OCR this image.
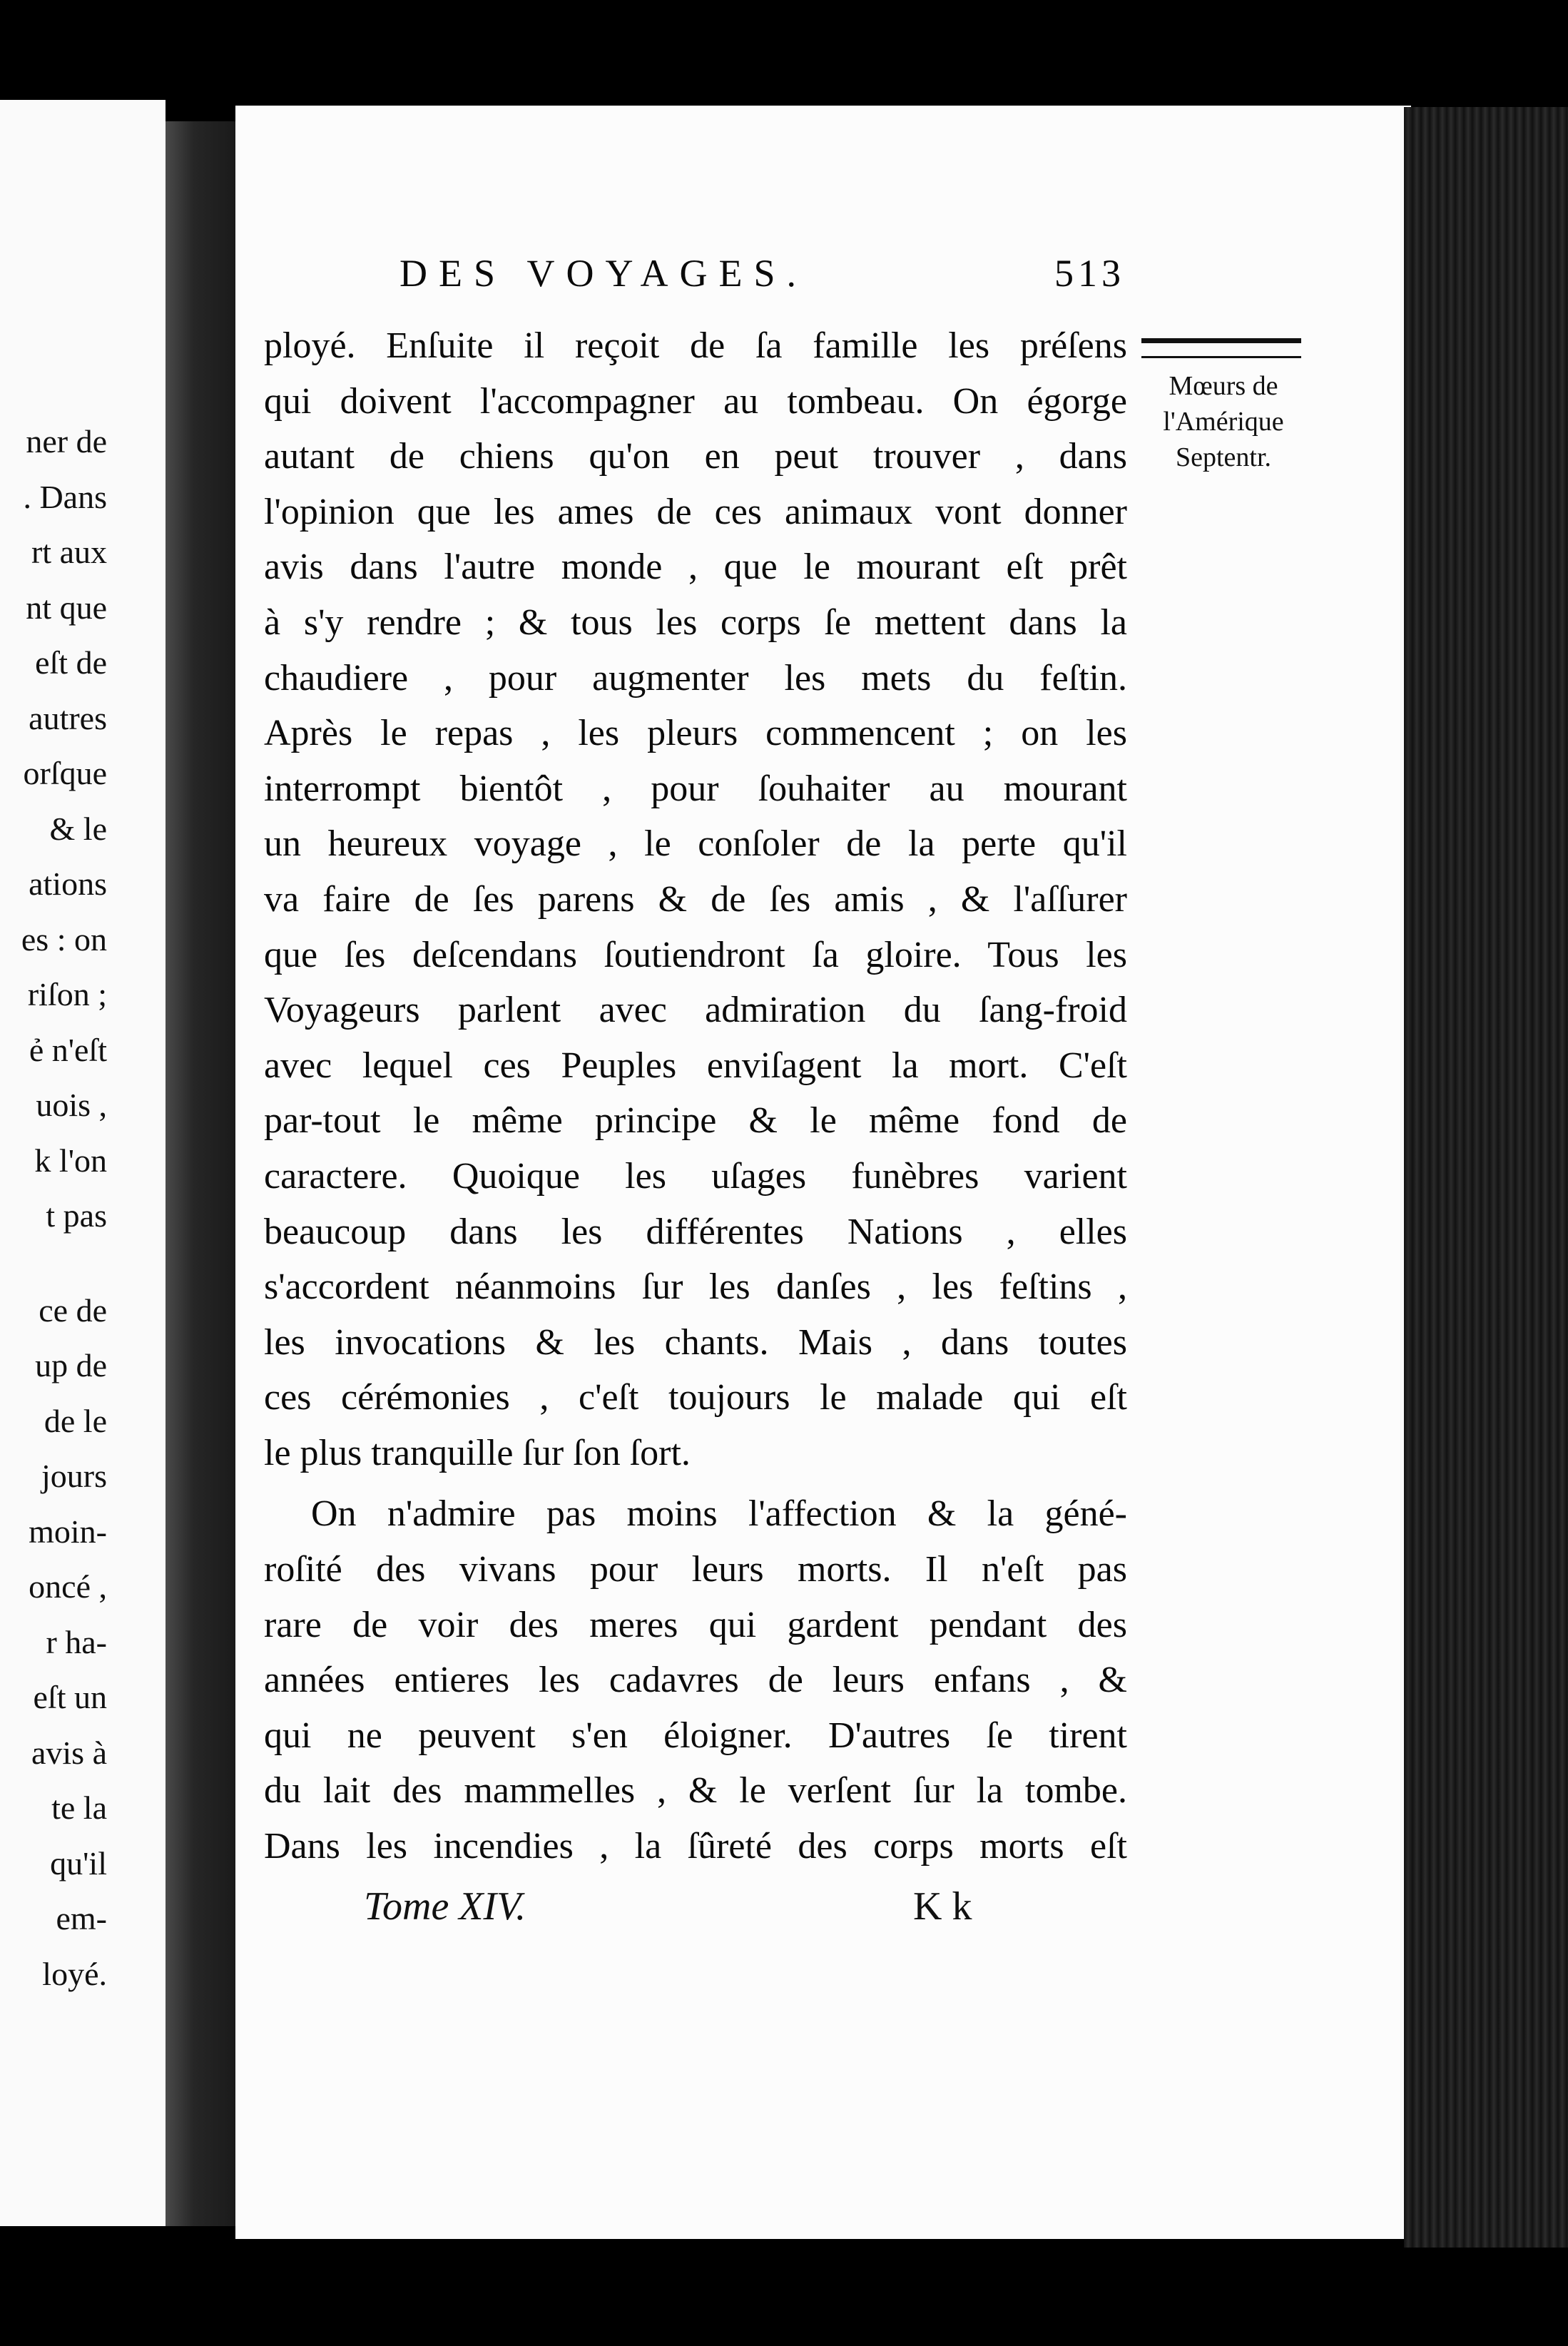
ner de
. Dans
rt aux
nt que
eſt de
autres
orſque
& le
ations
es : on
riſon ;
ẻ n'eſt
uois ,
k l'on
t pas
ce de
up de
de le
jours
moin-
oncé ,
r ha-
eſt un
avis à
te la
qu'il
em-
loyé.
DES VOYAGES.	513
Mœurs de
l'Amérique
Septentr.
ployé. Enſuite il reçoit de ſa famille les préſens
qui doivent l'accompagner au tombeau. On égorge
autant de chiens qu'on en peut trouver , dans
l'opinion que les ames de ces animaux vont donner
avis dans l'autre monde , que le mourant eſt prêt
à s'y rendre ; & tous les corps ſe mettent dans la
chaudiere , pour augmenter les mets du feſtin.
Après le repas , les pleurs commencent ; on les
interrompt bientôt , pour ſouhaiter au mourant
un heureux voyage , le conſoler de la perte qu'il
va faire de ſes parens & de ſes amis , & l'aſſurer
que ſes deſcendans ſoutiendront ſa gloire. Tous les
Voyageurs parlent avec admiration du ſang-froid
avec lequel ces Peuples enviſagent la mort. C'eſt
par-tout le même principe & le même fond de
caractere. Quoique les uſages funèbres varient
beaucoup dans les différentes Nations , elles
s'accordent néanmoins ſur les danſes , les feſtins ,
les invocations & les chants. Mais , dans toutes
ces cérémonies , c'eſt toujours le malade qui eſt
le plus tranquille ſur ſon ſort.
On n'admire pas moins l'affection & la géné-
roſité des vivans pour leurs morts. Il n'eſt pas
rare de voir des meres qui gardent pendant des
années entieres les cadavres de leurs enfans , &
qui ne peuvent s'en éloigner. D'autres ſe tirent
du lait des mammelles , & le verſent ſur la tombe.
Dans les incendies , la ſûreté des corps morts eſt
Tome XIV.	K k
